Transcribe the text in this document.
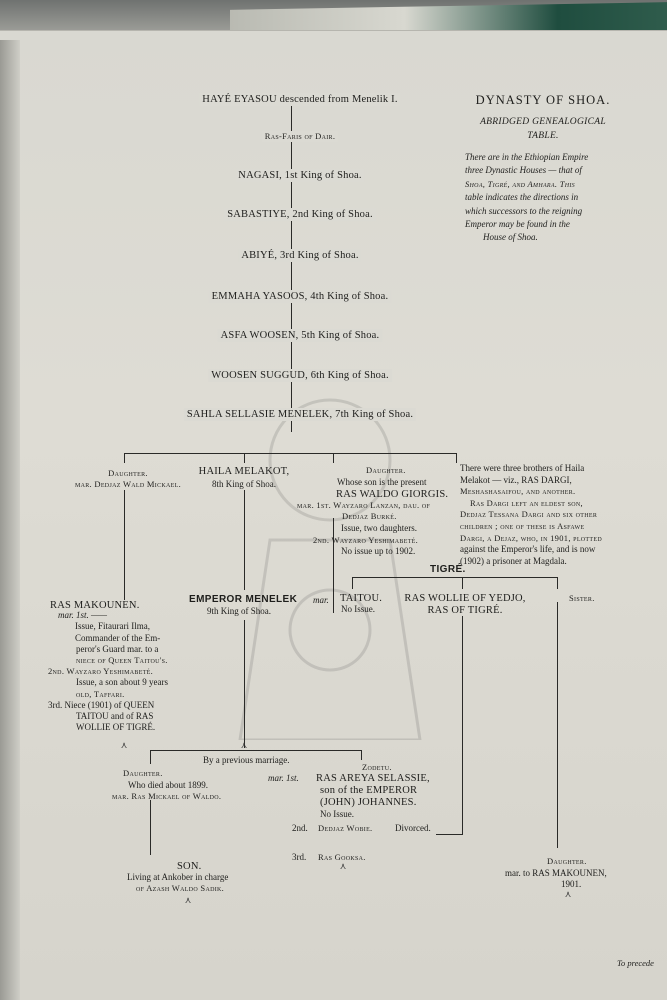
DYNASTY OF SHOA.
ABRIDGED GENEALOGICAL
TABLE.
Daughter.
mar. Dedjaz Wald Mickael.
HAILA MELAKOT,
8th King of Shoa.
EMPEROR MENELEK mar.
9th King of Shoa.
TIGRÉ.
TAITOU.
No Issue.
RAS WOLLIE OF YEDJO,
RAS OF TIGRÉ.
Sister.
⋏
By a previous marriage.
⋏
⋏
⋏
⋏
To precede
There are in the Ethiopian Empire
three Dynastic Houses — that of
Shoa, Tigré, and Amhara. This
table indicates the directions in
which successors to the reigning
Emperor may be found in the
House of Shoa.
HAYÉ EYASOU descended from Menelik I.
Ras-Faris of Dair.
NAGASI, 1st King of Shoa.
SABASTIYE, 2nd King of Shoa.
ABIYÉ, 3rd King of Shoa.
EMMAHA YASOOS, 4th King of Shoa.
ASFA WOOSEN, 5th King of Shoa.
WOOSEN SUGGUD, 6th King of Shoa.
SAHLA SELLASIE MENELEK, 7th King of Shoa.
Daughter.
Whose son is the present
RAS WALDO GIORGIS.
mar. 1st. Wayzaro Lanzan, dau. of
Dedjaz Burké.
Issue, two daughters.
2nd. Wayzaro Yeshimabeté.
No issue up to 1902.
There were three brothers of Haila
Melakot — viz., RAS DARGI,
Meshashasaifou, and another.
Ras Dargi left an eldest son,
Dedjaz Tessana Dargi and six other
children ; one of these is Asfawe
Dargi, a Dejaz, who, in 1901, plotted
against the Emperor's life, and is now
(1902) a prisoner at Magdala.
RAS MAKOUNEN.
mar. 1st. ——
Issue, Fitaurari Ilma,
Commander of the Em-
peror's Guard mar. to a
niece of Queen Taitou's.
2nd. Wayzaro Yeshimabeté.
Issue, a son about 9 years
old, Taffari.
3rd. Niece (1901) of QUEEN
TAITOU and of RAS
WOLLIE OF TIGRÉ.
Daughter.
Who died about 1899.
mar. Ras Mickael of Waldo.
Zodetu.
mar. 1st. RAS AREYA SELASSIE,
son of the EMPEROR
(JOHN) JOHANNES.
No Issue.
2nd. Dedjaz Wobie.	Divorced.
3rd. Ras Gooksa.
SON.
Living at Ankober in charge
of Azash Waldo Sadik.
Daughter.
mar. to RAS MAKOUNEN,
1901.
